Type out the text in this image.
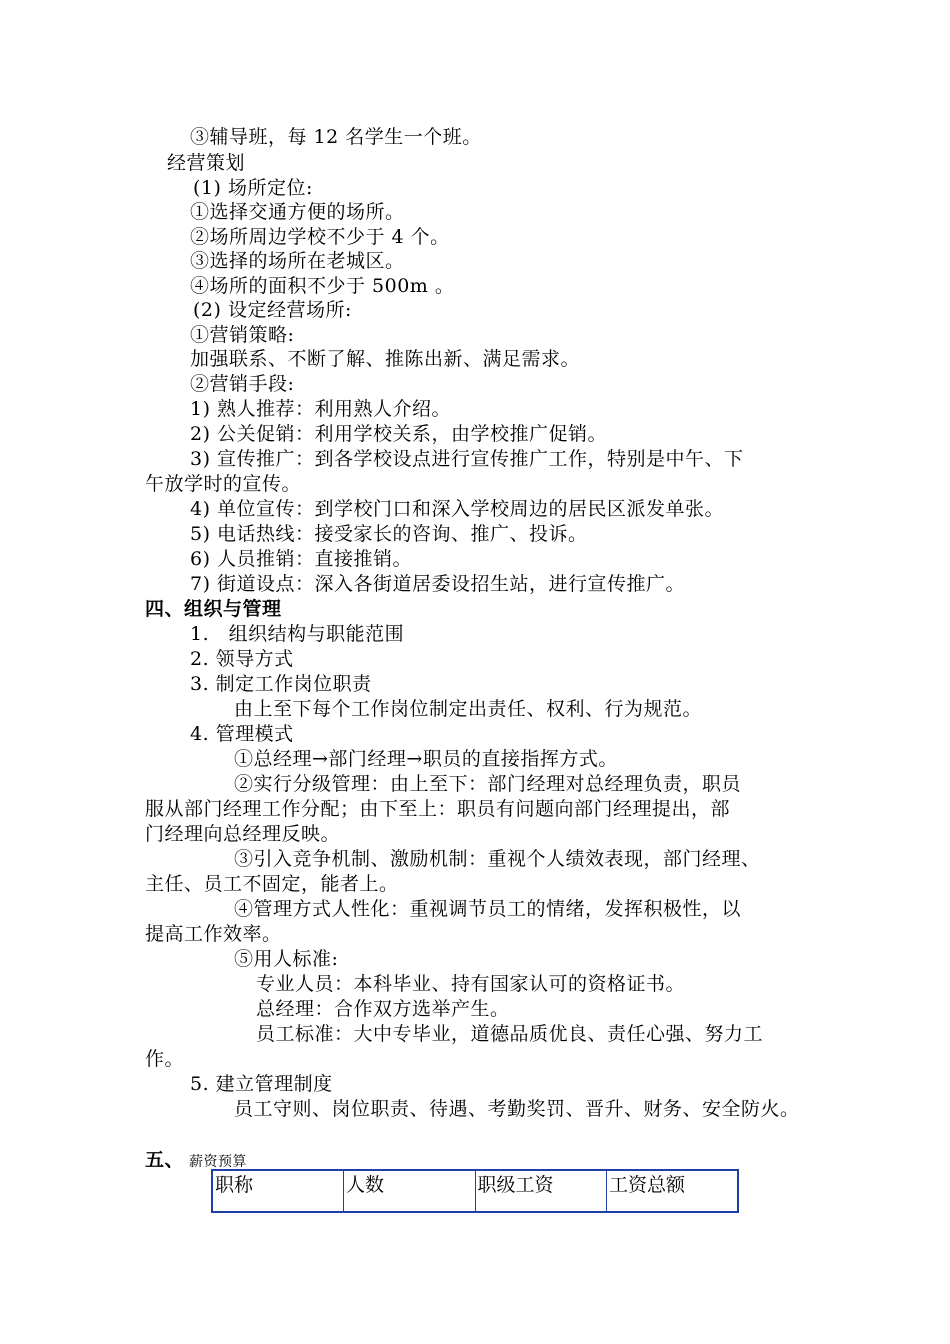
③辅导班，每 12 名学生一个班。
经营策划
(1) 场所定位:
①选择交通方便的场所。
②场所周边学校不少于 4 个。
③选择的场所在老城区。
④场所的面积不少于 500m 。
(2) 设定经营场所:
①营销策略:
加强联系、不断了解、推陈出新、满足需求。
②营销手段:
1) 熟人推荐：利用熟人介绍。
2) 公关促销：利用学校关系，由学校推广促销。
3) 宣传推广：到各学校设点进行宣传推广工作，特别是中午、下
午放学时的宣传。
4) 单位宣传：到学校门口和深入学校周边的居民区派发单张。
5) 电话热线：接受家长的咨询、推广、投诉。
6) 人员推销：直接推销。
7) 街道设点：深入各街道居委设招生站，进行宣传推广。
四、组织与管理
1.　组织结构与职能范围
2. 领导方式
3. 制定工作岗位职责
由上至下每个工作岗位制定出责任、权利、行为规范。
4. 管理模式
①总经理→部门经理→职员的直接指挥方式。
②实行分级管理：由上至下：部门经理对总经理负责，职员
服从部门经理工作分配；由下至上：职员有问题向部门经理提出，部
门经理向总经理反映。
③引入竞争机制、激励机制：重视个人绩效表现，部门经理、
主任、员工不固定，能者上。
④管理方式人性化：重视调节员工的情绪，发挥积极性，以
提高工作效率。
⑤用人标准:
专业人员：本科毕业、持有国家认可的资格证书。
总经理：合作双方选举产生。
员工标准：大中专毕业，道德品质优良、责任心强、努力工
作。
5. 建立管理制度
员工守则、岗位职责、待遇、考勤奖罚、晋升、财务、安全防火。
五、 薪资预算
职称	人数	职级工资	工资总额
